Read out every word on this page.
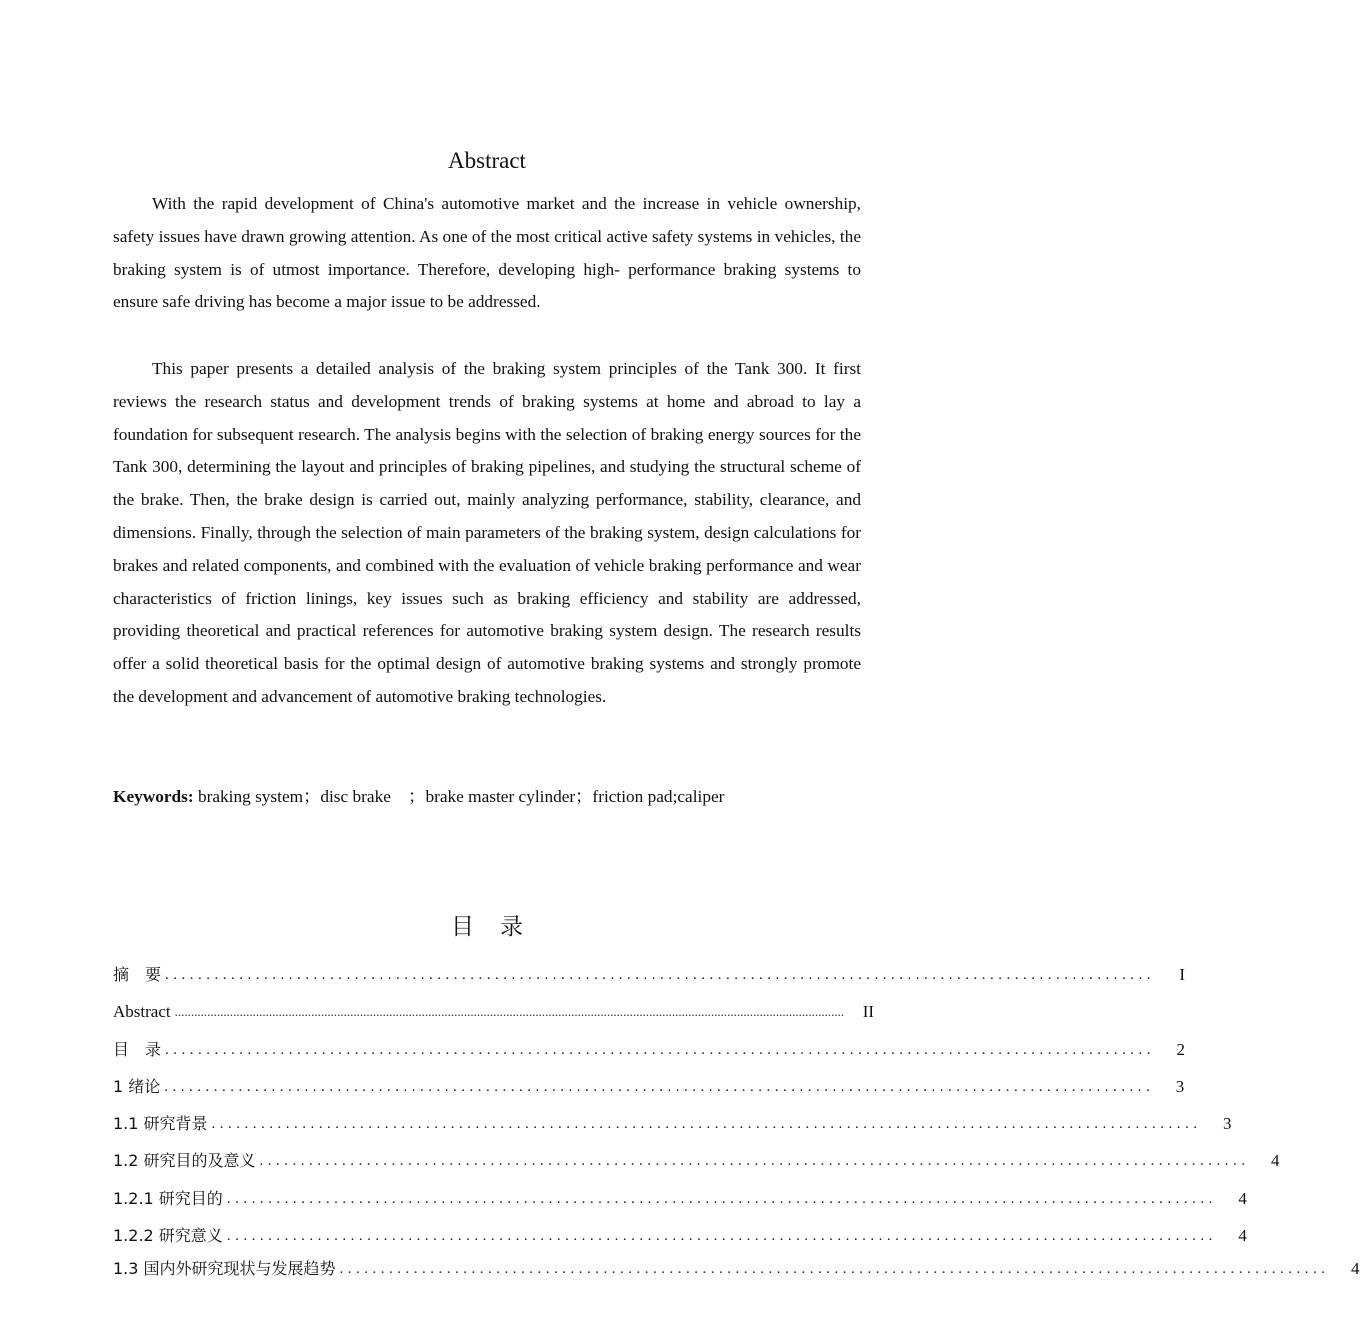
Abstract

With the rapid development of China's automotive market and the increase in vehicle ownership, safety issues have drawn growing attention. As one of the most critical active safety systems in vehicles, the braking system is of utmost importance. Therefore, developing high- performance braking systems to ensure safe driving has become a major issue to be addressed.

This paper presents a detailed analysis of the braking system principles of the Tank 300. It first reviews the research status and development trends of braking systems at home and abroad to lay a foundation for subsequent research. The analysis begins with the selection of braking energy sources for the Tank 300, determining the layout and principles of braking pipelines, and studying the structural scheme of the brake. Then, the brake design is carried out, mainly analyzing performance, stability, clearance, and dimensions. Finally, through the selection of main parameters of the braking system, design calculations for brakes and related components, and combined with the evaluation of vehicle braking performance and wear characteristics of friction linings, key issues such as braking efficiency and stability are addressed, providing theoretical and practical references for automotive braking system design. The research results offer a solid theoretical basis for the optimal design of automotive braking systems and strongly promote the development and advancement of automotive braking technologies.

Keywords: braking system；disc brake　；brake master cylinder；friction pad;caliper

目录
摘　要 ........................................................................................................................	I
Abstract ..............................................................................................................................................................................................................	II
目　录 ........................................................................................................................	2
1 绪论 ........................................................................................................................	3
1.1 研究背景 ........................................................................................................................	3
1.2 研究目的及意义 ........................................................................................................................	4
1.2.1 研究目的 ........................................................................................................................	4
1.2.2 研究意义 ........................................................................................................................	4
1.3 国内外研究现状与发展趋势 ........................................................................................................................	4
